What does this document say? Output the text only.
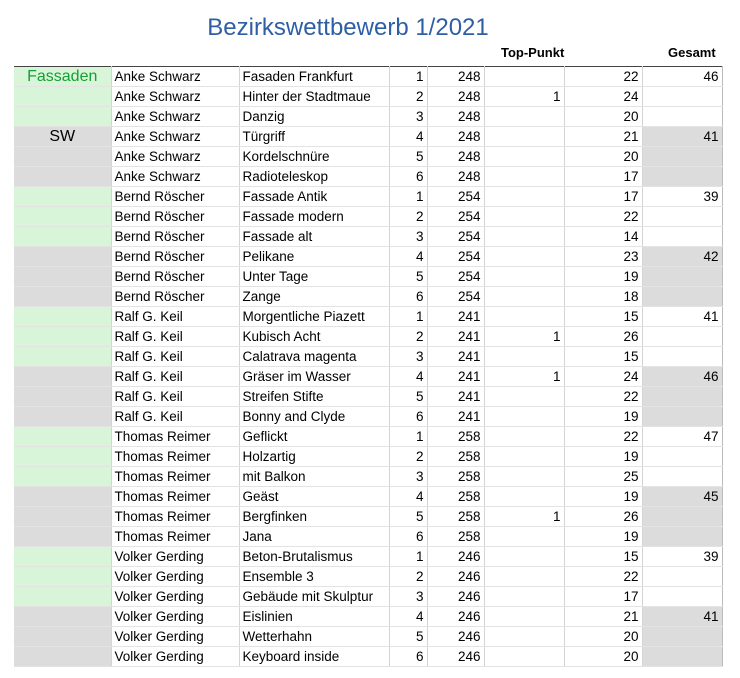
Bezirkswettbewerb 1/2021
Top-Punkt	Gesamt
Fassaden	Anke Schwarz	Fasaden Frankfurt	1	248		22	46
	Anke Schwarz	Hinter der Stadtmaue	2	248	1	24	
	Anke Schwarz	Danzig	3	248		20	
SW	Anke Schwarz	Türgriff	4	248		21	41
	Anke Schwarz	Kordelschnüre	5	248		20	
	Anke Schwarz	Radioteleskop	6	248		17	
	Bernd Röscher	Fassade Antik	1	254		17	39
	Bernd Röscher	Fassade modern	2	254		22	
	Bernd Röscher	Fassade alt	3	254		14	
	Bernd Röscher	Pelikane	4	254		23	42
	Bernd Röscher	Unter Tage	5	254		19	
	Bernd Röscher	Zange	6	254		18	
	Ralf G. Keil	Morgentliche Piazett	1	241		15	41
	Ralf G. Keil	Kubisch Acht	2	241	1	26	
	Ralf G. Keil	Calatrava magenta	3	241		15	
	Ralf G. Keil	Gräser im Wasser	4	241	1	24	46
	Ralf G. Keil	Streifen Stifte	5	241		22	
	Ralf G. Keil	Bonny and Clyde	6	241		19	
	Thomas Reimer	Geflickt	1	258		22	47
	Thomas Reimer	Holzartig	2	258		19	
	Thomas Reimer	mit Balkon	3	258		25	
	Thomas Reimer	Geäst	4	258		19	45
	Thomas Reimer	Bergfinken	5	258	1	26	
	Thomas Reimer	Jana	6	258		19	
	Volker Gerding	Beton-Brutalismus	1	246		15	39
	Volker Gerding	Ensemble 3	2	246		22	
	Volker Gerding	Gebäude mit Skulptur	3	246		17	
	Volker Gerding	Eislinien	4	246		21	41
	Volker Gerding	Wetterhahn	5	246		20	
	Volker Gerding	Keyboard inside	6	246		20	
